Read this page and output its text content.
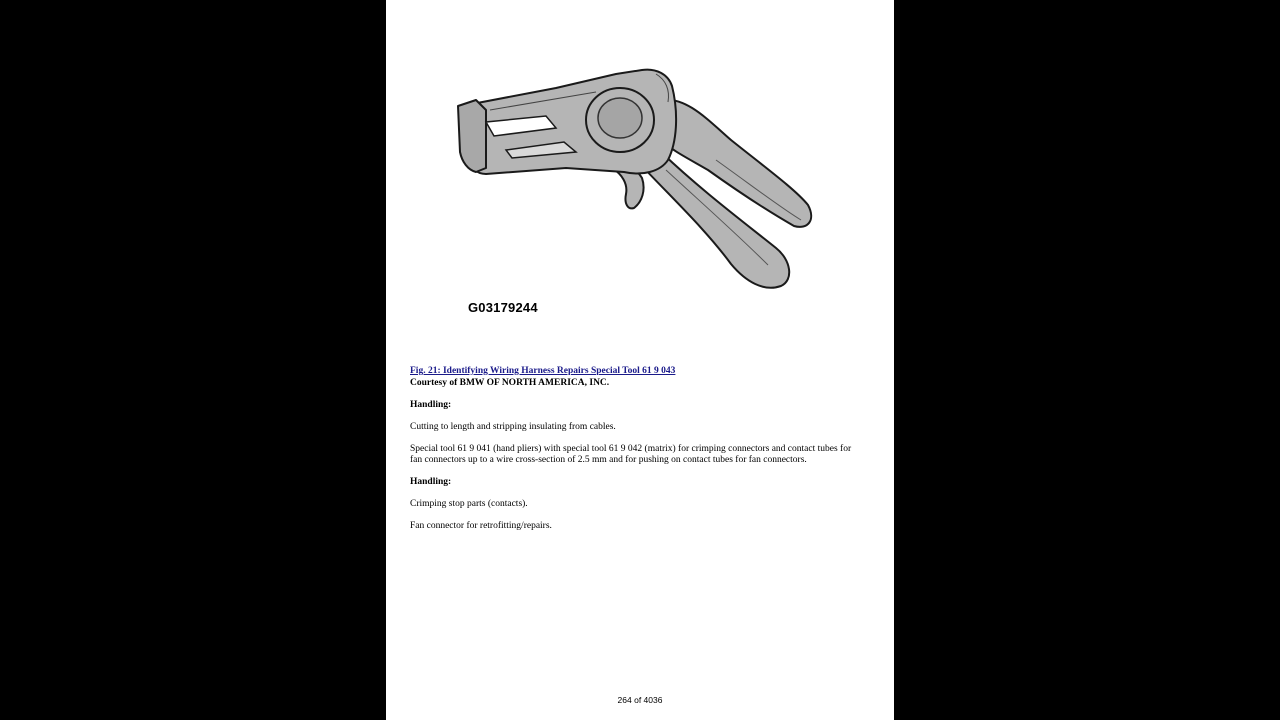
G03179244

Fig. 21: Identifying Wiring Harness Repairs Special Tool 61 9 043

Courtesy of BMW OF NORTH AMERICA, INC.

Handling:

Cutting to length and stripping insulating from cables.

Special tool 61 9 041 (hand pliers) with special tool 61 9 042 (matrix) for crimping connectors and contact tubes for fan connectors up to a wire cross-section of 2.5 mm and for pushing on contact tubes for fan connectors.

Handling:

Crimping stop parts (contacts).

Fan connector for retrofitting/repairs.

264 of 4036
